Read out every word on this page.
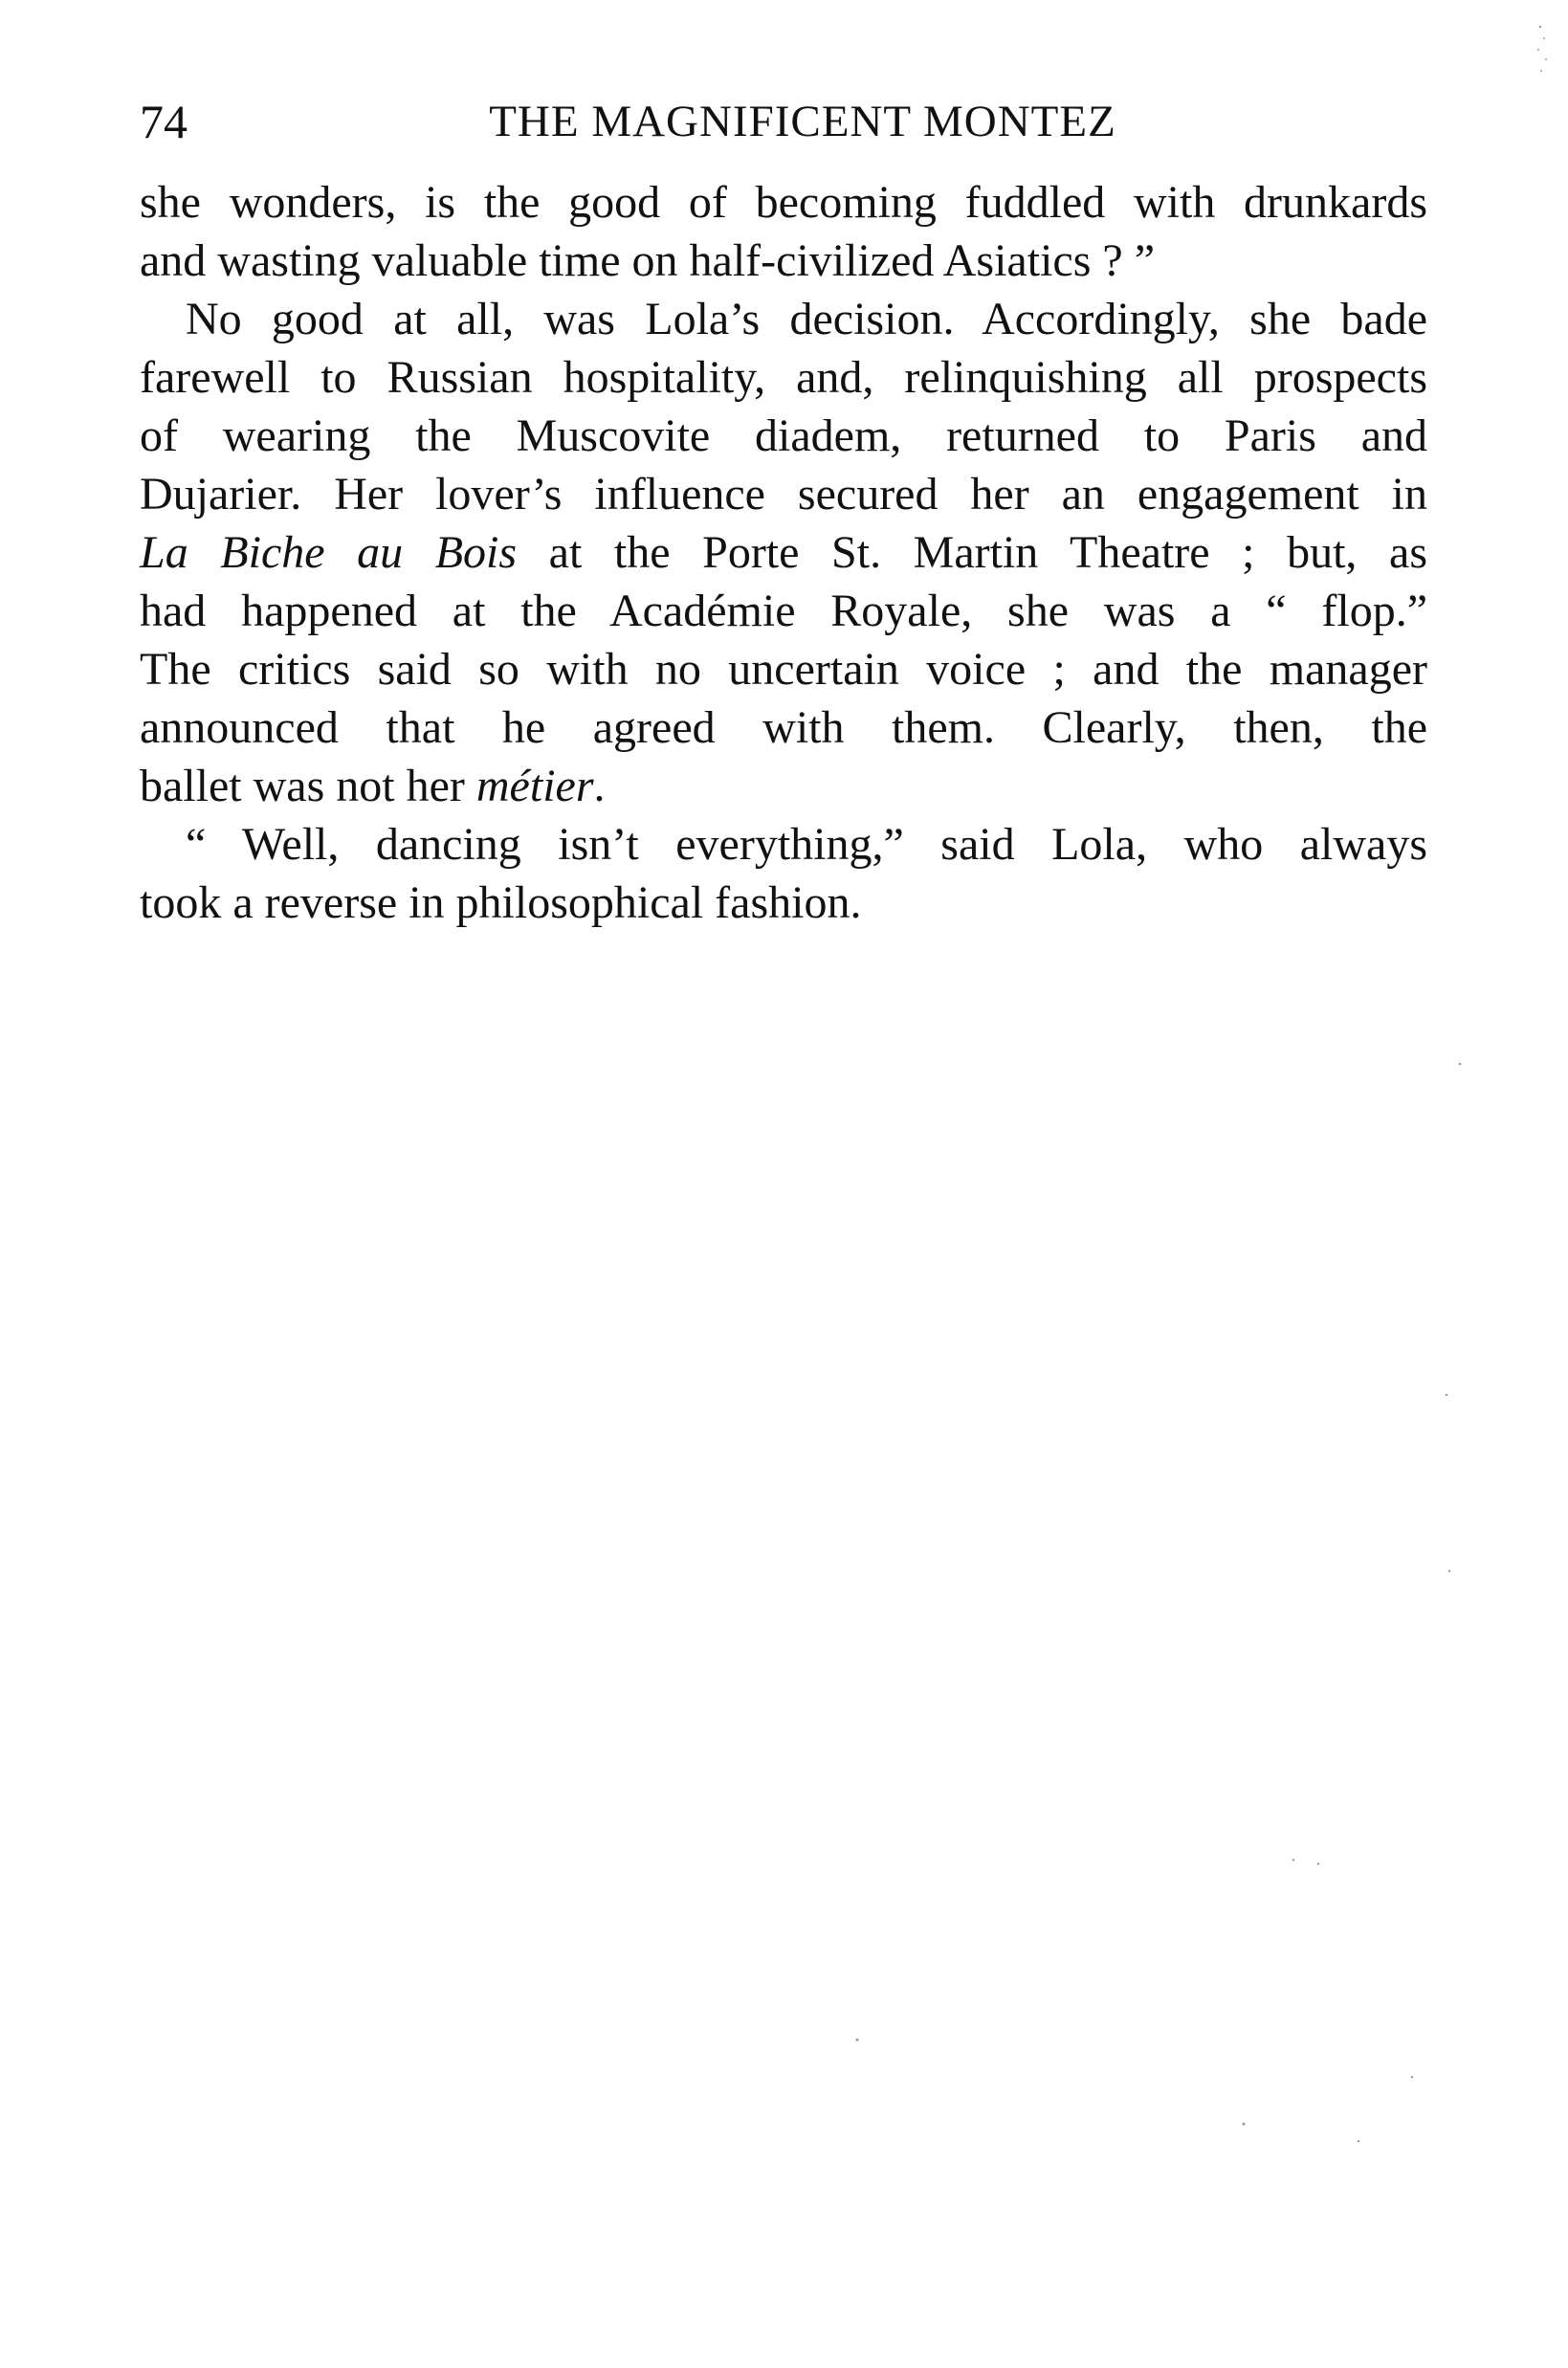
74	THE MAGNIFICENT MONTEZ
she wonders, is the good of becoming fuddled with drunkards
and wasting valuable time on half-civilized Asiatics ? ”
No good at all, was Lola’s decision. Accordingly, she bade
farewell to Russian hospitality, and, relinquishing all prospects
of wearing the Muscovite diadem, returned to Paris and
Dujarier. Her lover’s influence secured her an engagement in
La Biche au Bois at the Porte St. Martin Theatre ; but, as
had happened at the Académie Royale, she was a “ flop.”
The critics said so with no uncertain voice ; and the manager
announced that he agreed with them. Clearly, then, the
ballet was not her métier.
“ Well, dancing isn’t everything,” said Lola, who always
took a reverse in philosophical fashion.
